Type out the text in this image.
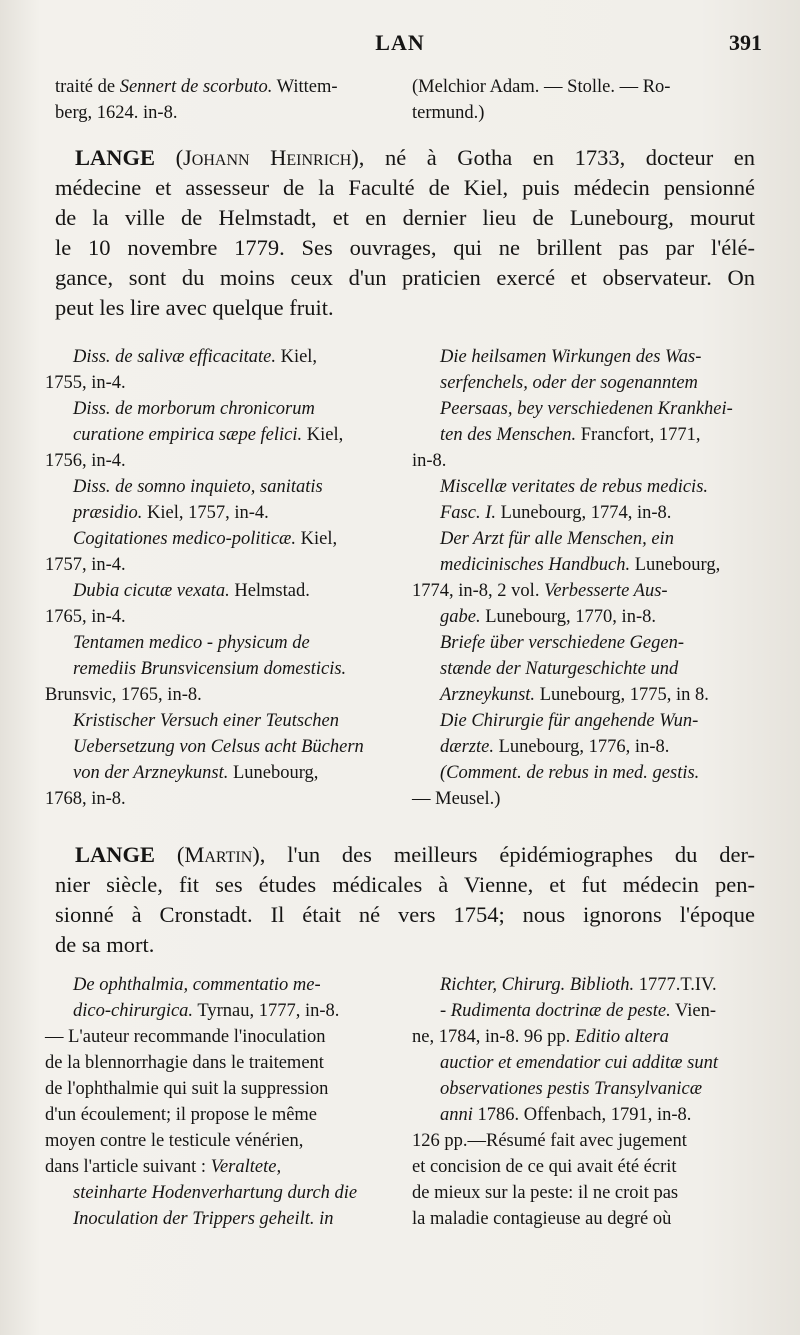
LAN	391
traité de Sennert de scorbuto. Wittem-
berg, 1624. in-8.
(Melchior Adam. — Stolle. — Ro-
termund.)
LANGE (Johann Heinrich), né à Gotha en 1733, docteur en
médecine et assesseur de la Faculté de Kiel, puis médecin pensionné
de la ville de Helmstadt, et en dernier lieu de Lunebourg, mourut
le 10 novembre 1779. Ses ouvrages, qui ne brillent pas par l'élé-
gance, sont du moins ceux d'un praticien exercé et observateur. On
peut les lire avec quelque fruit.
Diss. de salivæ efficacitate. Kiel,
1755, in-4.
Diss. de morborum chronicorum
curatione empirica sæpe felici. Kiel,
1756, in-4.
Diss. de somno inquieto, sanitatis
præsidio. Kiel, 1757, in-4.
Cogitationes medico-politicæ. Kiel,
1757, in-4.
Dubia cicutæ vexata. Helmstad.
1765, in-4.
Tentamen medico - physicum de
remediis Brunsvicensium domesticis.
Brunsvic, 1765, in-8.
Kristischer Versuch einer Teutschen
Uebersetzung von Celsus acht Büchern
von der Arzneykunst. Lunebourg,
1768, in-8.
Die heilsamen Wirkungen des Was-
serfenchels, oder der sogenanntem
Peersaas, bey verschiedenen Krankhei-
ten des Menschen. Francfort, 1771,
in-8.
Miscellæ veritates de rebus medicis.
Fasc. I. Lunebourg, 1774, in-8.
Der Arzt für alle Menschen, ein
medicinisches Handbuch. Lunebourg,
1774, in-8, 2 vol. Verbesserte Aus-
gabe. Lunebourg, 1770, in-8.
Briefe über verschiedene Gegen-
stænde der Naturgeschichte und
Arzneykunst. Lunebourg, 1775, in 8.
Die Chirurgie für angehende Wun-
dærzte. Lunebourg, 1776, in-8.
(Comment. de rebus in med. gestis.
— Meusel.)
LANGE (Martin), l'un des meilleurs épidémiographes du der-
nier siècle, fit ses études médicales à Vienne, et fut médecin pen-
sionné à Cronstadt. Il était né vers 1754; nous ignorons l'époque
de sa mort.
De ophthalmia, commentatio me-
dico-chirurgica. Tyrnau, 1777, in-8.
— L'auteur recommande l'inoculation
de la blennorrhagie dans le traitement
de l'ophthalmie qui suit la suppression
d'un écoulement; il propose le même
moyen contre le testicule vénérien,
dans l'article suivant : Veraltete,
steinharte Hodenverhartung durch die
Inoculation der Trippers geheilt. in
Richter, Chirurg. Biblioth. 1777.T.IV.
- Rudimenta doctrinæ de peste. Vien-
ne, 1784, in-8. 96 pp. Editio altera
auctior et emendatior cui additæ sunt
observationes pestis Transylvanicæ
anni 1786. Offenbach, 1791, in-8.
126 pp.—Résumé fait avec jugement
et concision de ce qui avait été écrit
de mieux sur la peste: il ne croit pas
la maladie contagieuse au degré où
